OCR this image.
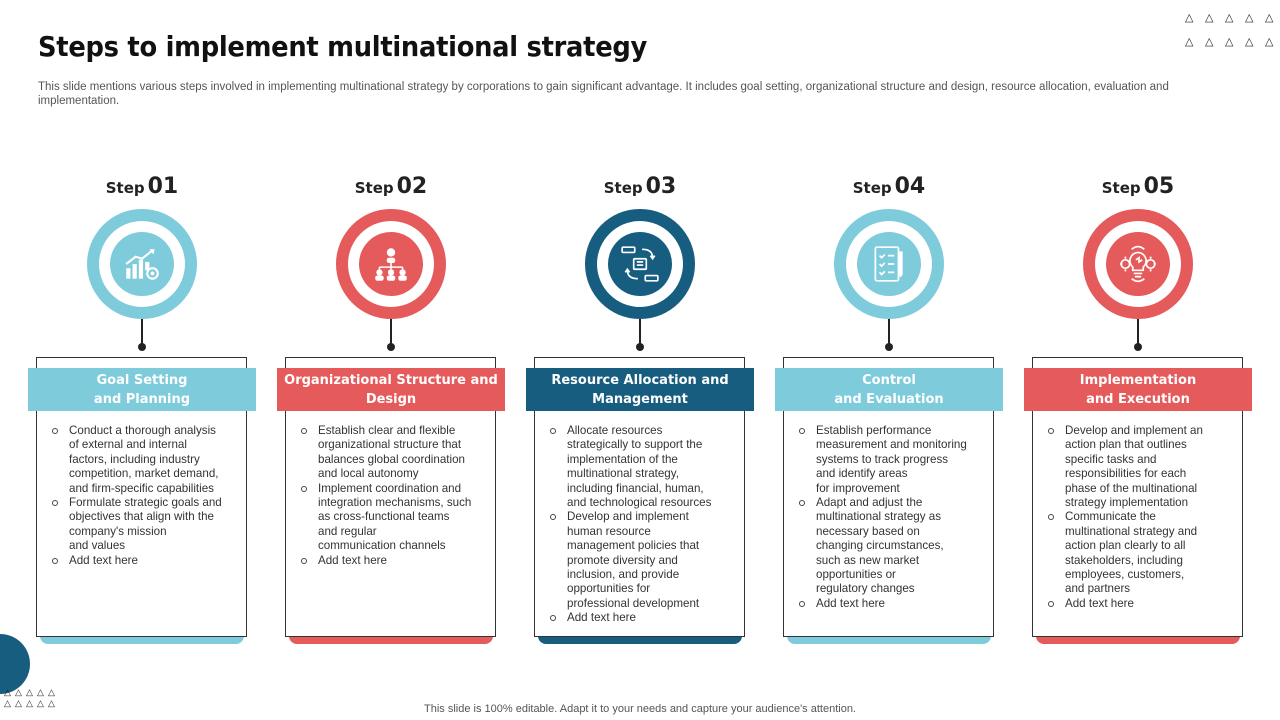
Steps to implement multinational strategy
This slide mentions various steps involved in implementing multinational strategy by corporations to gain significant advantage. It includes goal setting, organizational structure and design, resource allocation, evaluation and implementation.
△	△	△	△	△
△	△	△	△	△
△ △ △ △ △
△ △ △ △ △
Step 01
Goal Setting
and Planning
Conduct a thorough analysis
of external and internal
factors, including industry
competition, market demand,
and firm-specific capabilities
Formulate strategic goals and
objectives that align with the
company's mission
and values
Add text here
Step 02
Organizational Structure and
Design
Establish clear and flexible
organizational structure that
balances global coordination
and local autonomy
Implement coordination and
integration mechanisms, such
as cross-functional teams
and regular
communication channels
Add text here
Step 03
Resource Allocation and
Management
Allocate resources
strategically to support the
implementation of the
multinational strategy,
including financial, human,
and technological resources
Develop and implement
human resource
management policies that
promote diversity and
inclusion, and provide
opportunities for
professional development
Add text here
Step 04
Control
and Evaluation
Establish performance
measurement and monitoring
systems to track progress
and identify areas
for improvement
Adapt and adjust the
multinational strategy as
necessary based on
changing circumstances,
such as new market
opportunities or
regulatory changes
Add text here
Step 05
Implementation
and Execution
Develop and implement an
action plan that outlines
specific tasks and
responsibilities for each
phase of the multinational
strategy implementation
Communicate the
multinational strategy and
action plan clearly to all
stakeholders, including
employees, customers,
and partners
Add text here
This slide is 100% editable. Adapt it to your needs and capture your audience's attention.
